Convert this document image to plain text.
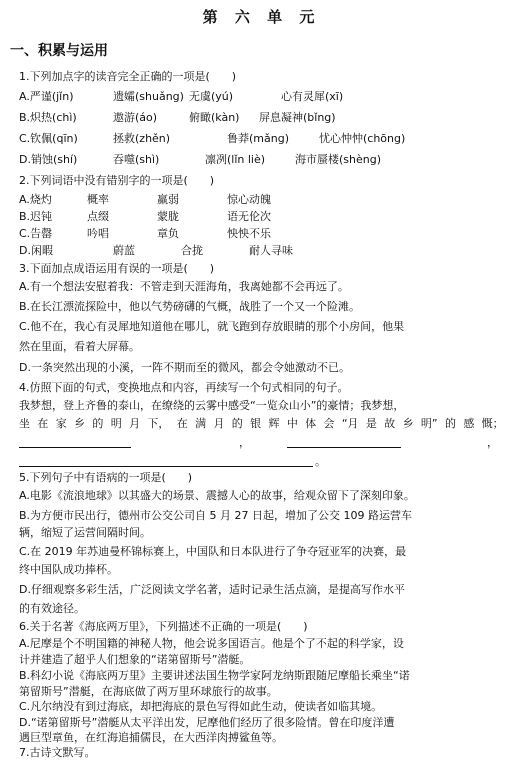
第 六 单 元
一、积累与运用
1.下列加点字的读音完全正确的一项是(　　)
A.严谨(jǐn)	遗孀(shuǎng) 无虞(yú)	心有灵犀(xī)
B.炽热(chì)	遨游(áo)	俯瞰(kàn) 屏息凝神(bǐng)
C.钦佩(qīn)	拯救(zhěn)	鲁莽(mǎng)	忧心忡忡(chōng)
D.销蚀(shí)	吞噬(shì)	凛冽(lǐn liè)	海市蜃楼(shèng)
2.下列词语中没有错别字的一项是(　　)
A.烧灼	概率	羸弱	惊心动魄
B.迟钝	点缀	蒙胧	语无伦次
C.告罄	吟唱	章负	怏怏不乐
D.闲暇	蔚蓝	合拢	耐人寻味
3.下面加点成语运用有误的一项是(　　)
A.有一个想法安慰着我：不管走到天涯海角，我离她都不会再远了。
B.在长江漂流探险中，他以气势磅礴的气概，战胜了一个又一个险滩。
C.他不在，我心有灵犀地知道他在哪儿，就飞跑到存放眼睛的那个小房间，他果
然在里面，看着大屏幕。
D.一条突然出现的小溪，一阵不期而至的微风，都会令她激动不已。
4.仿照下面的句式，变换地点和内容，再续写一个句式相同的句子。
我梦想，登上齐鲁的泰山，在缭绕的云雾中感受“一览众山小”的豪情；我梦想，
坐 在 家 乡 的 明 月 下， 在 满 月 的 银 辉 中 体 会 “月 是 故 乡 明” 的 感 慨；
，	，
。
5.下列句子中有语病的一项是(　　)
A.电影《流浪地球》以其盛大的场景、震撼人心的故事，给观众留下了深刻印象。
B.为方便市民出行，德州市公交公司自 5 月 27 日起，增加了公交 109 路运营车
辆，缩短了运营间隔时间。
C.在 2019 年苏迪曼杯锦标赛上，中国队和日本队进行了争夺冠亚军的决赛，最
终中国队成功捧杯。
D.仔细观察多彩生活，广泛阅读文学名著，适时记录生活点滴，是提高写作水平
的有效途径。
6.关于名著《海底两万里》，下列描述不正确的一项是(　　)
A.尼摩是个不明国籍的神秘人物，他会说多国语言。他是个了不起的科学家，设
计并建造了超乎人们想象的“诺第留斯号”潜艇。
B.科幻小说《海底两万里》主要讲述法国生物学家阿龙纳斯跟随尼摩船长乘坐“诺
第留斯号”潜艇，在海底做了两万里环球旅行的故事。
C.凡尔纳没有到过海底，却把海底的景色写得如此生动，使读者如临其境。
D.“诺第留斯号”潜艇从太平洋出发，尼摩他们经历了很多险情。曾在印度洋遭
遇巨型章鱼，在红海追捕儒艮，在大西洋肉搏鲨鱼等。
7.古诗文默写。
